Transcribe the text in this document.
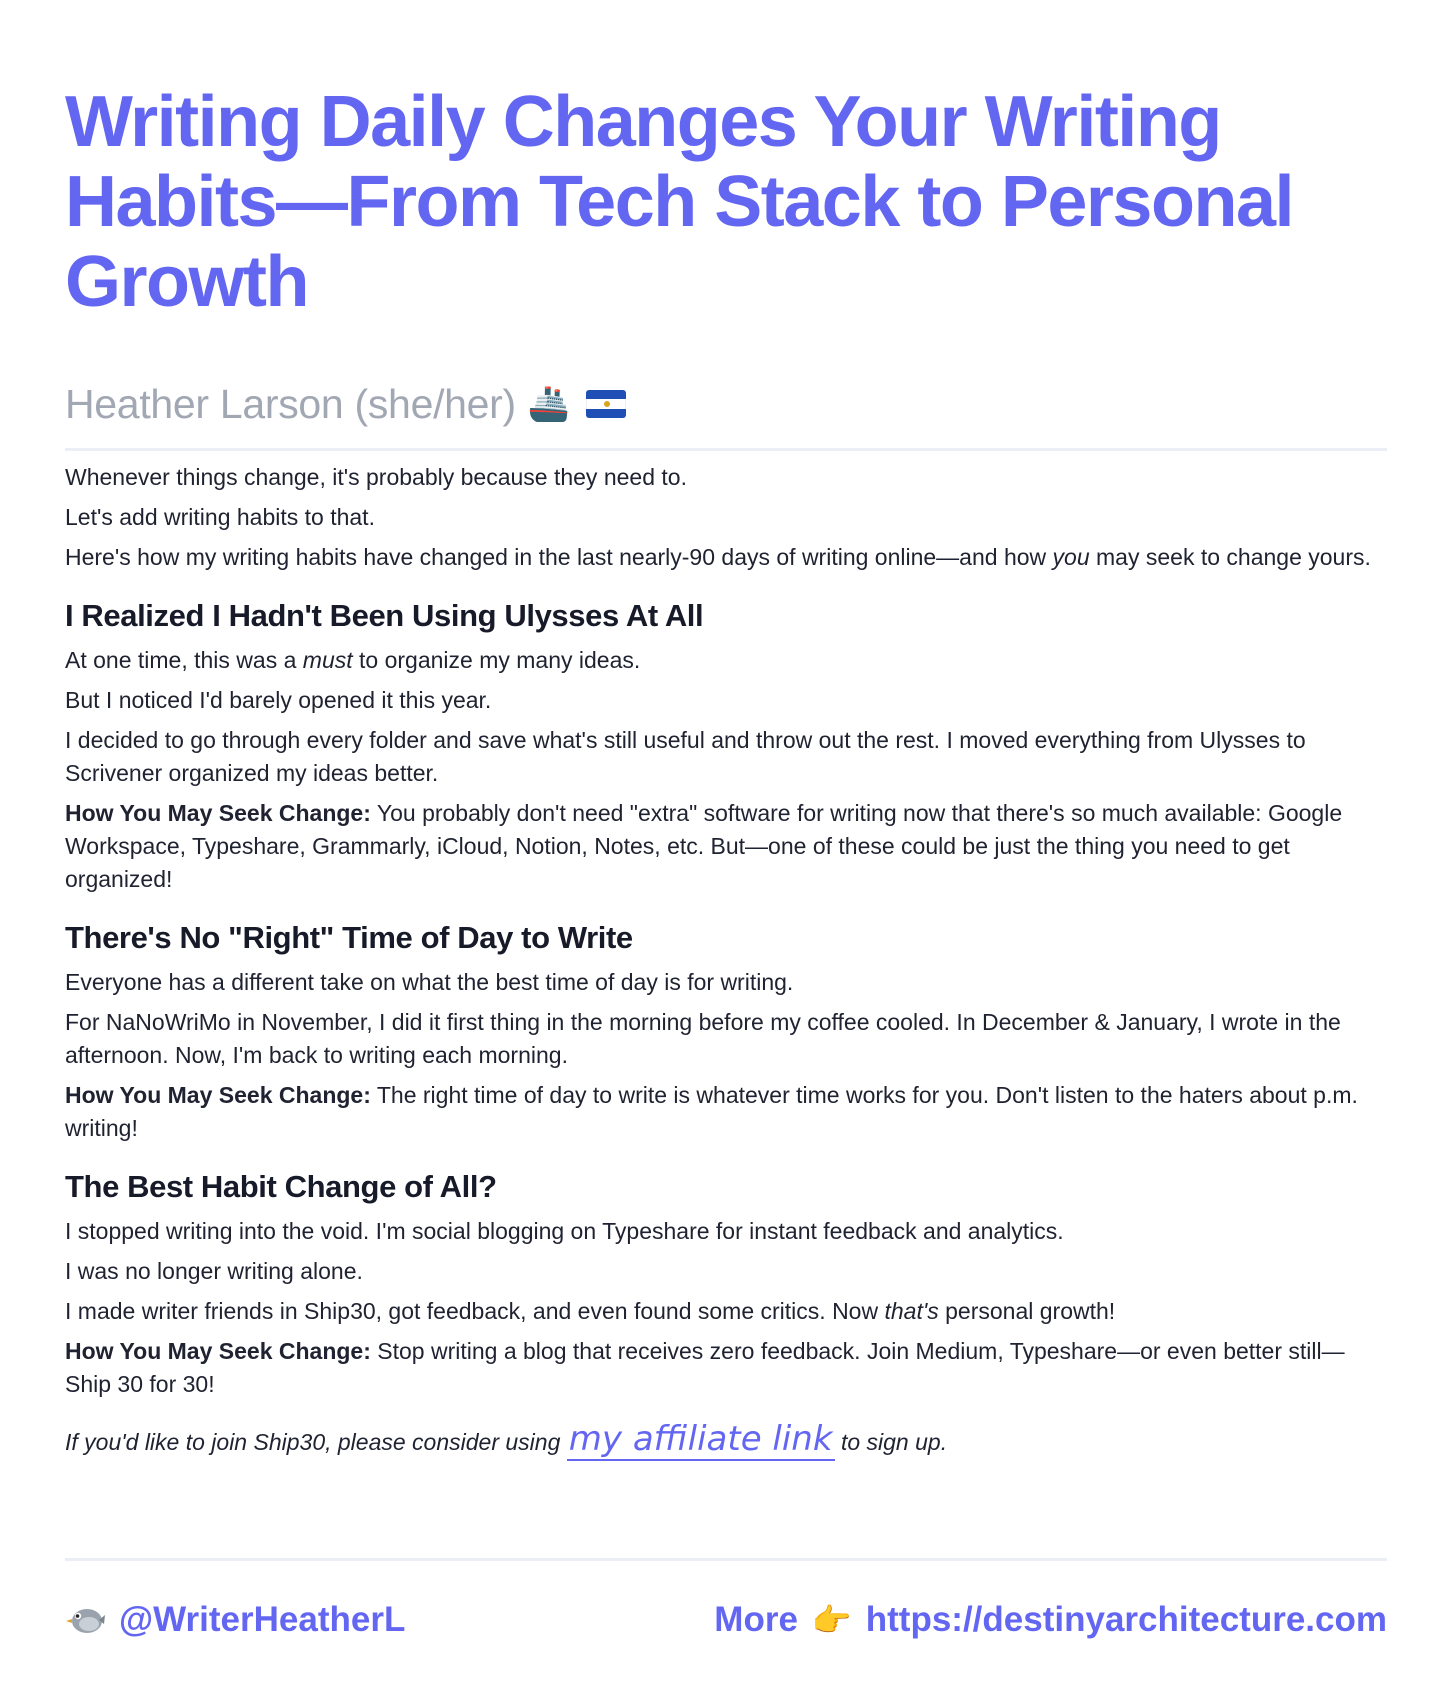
Writing Daily Changes Your Writing Habits—From Tech Stack to Personal Growth
Heather Larson (she/her) 🚢

Whenever things change, it's probably because they need to.

Let's add writing habits to that.

Here's how my writing habits have changed in the last nearly-90 days of writing online—and how you may seek to change yours.

I Realized I Hadn't Been Using Ulysses At All

At one time, this was a must to organize my many ideas.

But I noticed I'd barely opened it this year.

I decided to go through every folder and save what's still useful and throw out the rest. I moved everything from Ulysses to Scrivener organized my ideas better.

How You May Seek Change: You probably don't need "extra" software for writing now that there's so much available: Google Workspace, Typeshare, Grammarly, iCloud, Notion, Notes, etc. But—one of these could be just the thing you need to get organized!

There's No "Right" Time of Day to Write

Everyone has a different take on what the best time of day is for writing.

For NaNoWriMo in November, I did it first thing in the morning before my coffee cooled. In December & January, I wrote in the afternoon. Now, I'm back to writing each morning.

How You May Seek Change: The right time of day to write is whatever time works for you. Don't listen to the haters about p.m. writing!

The Best Habit Change of All?

I stopped writing into the void. I'm social blogging on Typeshare for instant feedback and analytics.

I was no longer writing alone.

I made writer friends in Ship30, got feedback, and even found some critics. Now that's personal growth!

How You May Seek Change: Stop writing a blog that receives zero feedback. Join Medium, Typeshare—or even better still—Ship 30 for 30!

If you'd like to join Ship30, please consider using my affiliate link to sign up.

@WriterHeatherL	More 👉 https://destinyarchitecture.com
